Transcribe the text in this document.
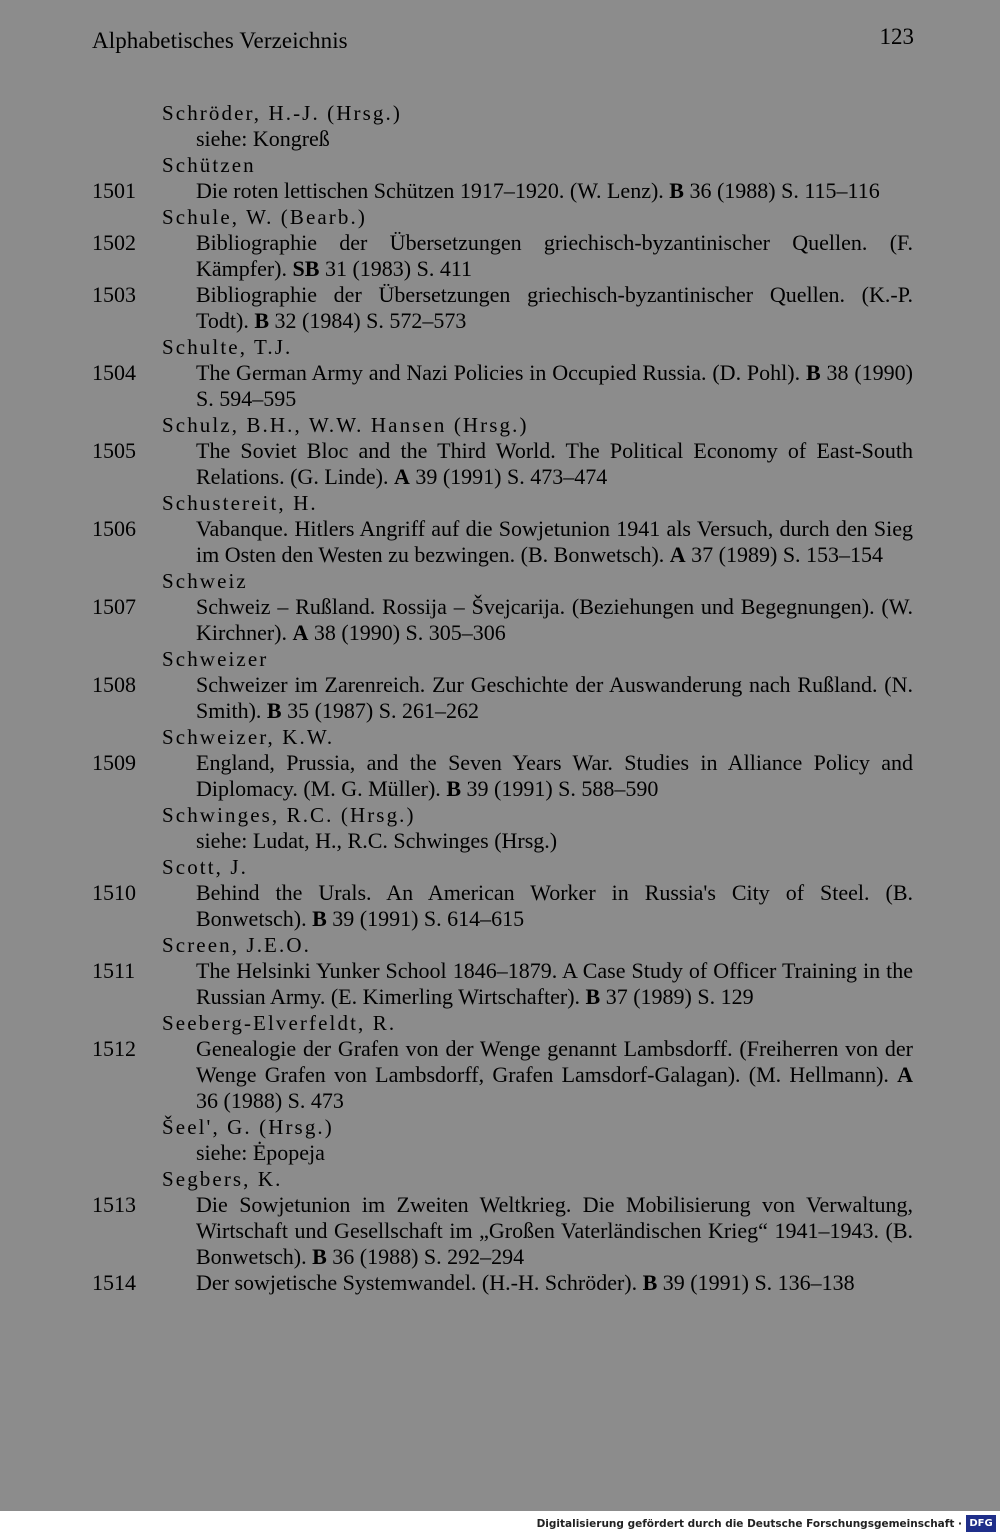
Alphabetisches Verzeichnis	123
Schröder, H.-J. (Hrsg.)
siehe: Kongreß
Schützen
1501	Die roten lettischen Schützen 1917–1920. (W. Lenz). B 36 (1988) S. 115–116
Schule, W. (Bearb.)
1502	Bibliographie der Übersetzungen griechisch-byzantinischer Quellen. (F. Kämpfer). SB 31 (1983) S. 411
1503	Bibliographie der Übersetzungen griechisch-byzantinischer Quellen. (K.-P. Todt). B 32 (1984) S. 572–573
Schulte, T.J.
1504	The German Army and Nazi Policies in Occupied Russia. (D. Pohl). B 38 (1990) S. 594–595
Schulz, B.H., W.W. Hansen (Hrsg.)
1505	The Soviet Bloc and the Third World. The Political Economy of East-South Relations. (G. Linde). A 39 (1991) S. 473–474
Schustereit, H.
1506	Vabanque. Hitlers Angriff auf die Sowjetunion 1941 als Versuch, durch den Sieg im Osten den Westen zu bezwingen. (B. Bonwetsch). A 37 (1989) S. 153–154
Schweiz
1507	Schweiz – Rußland. Rossija – Švejcarija. (Beziehungen und Begegnungen). (W. Kirchner). A 38 (1990) S. 305–306
Schweizer
1508	Schweizer im Zarenreich. Zur Geschichte der Auswanderung nach Rußland. (N. Smith). B 35 (1987) S. 261–262
Schweizer, K.W.
1509	England, Prussia, and the Seven Years War. Studies in Alliance Policy and Diplomacy. (M. G. Müller). B 39 (1991) S. 588–590
Schwinges, R.C. (Hrsg.)
siehe: Ludat, H., R.C. Schwinges (Hrsg.)
Scott, J.
1510	Behind the Urals. An American Worker in Russia's City of Steel. (B. Bonwetsch). B 39 (1991) S. 614–615
Screen, J.E.O.
1511	The Helsinki Yunker School 1846–1879. A Case Study of Officer Training in the Russian Army. (E. Kimerling Wirtschafter). B 37 (1989) S. 129
Seeberg-Elverfeldt, R.
1512	Genealogie der Grafen von der Wenge genannt Lambsdorff. (Freiherren von der Wenge Grafen von Lambsdorff, Grafen Lamsdorf-Galagan). (M. Hellmann). A 36 (1988) S. 473
Šeel', G. (Hrsg.)
siehe: Ėpopeja
Segbers, K.
1513	Die Sowjetunion im Zweiten Weltkrieg. Die Mobilisierung von Verwaltung, Wirtschaft und Gesellschaft im „Großen Vaterländischen Krieg“ 1941–1943. (B. Bonwetsch). B 36 (1988) S. 292–294
1514	Der sowjetische Systemwandel. (H.-H. Schröder). B 39 (1991) S. 136–138
Digitalisierung gefördert durch die Deutsche Forschungsgemeinschaft · DFG
